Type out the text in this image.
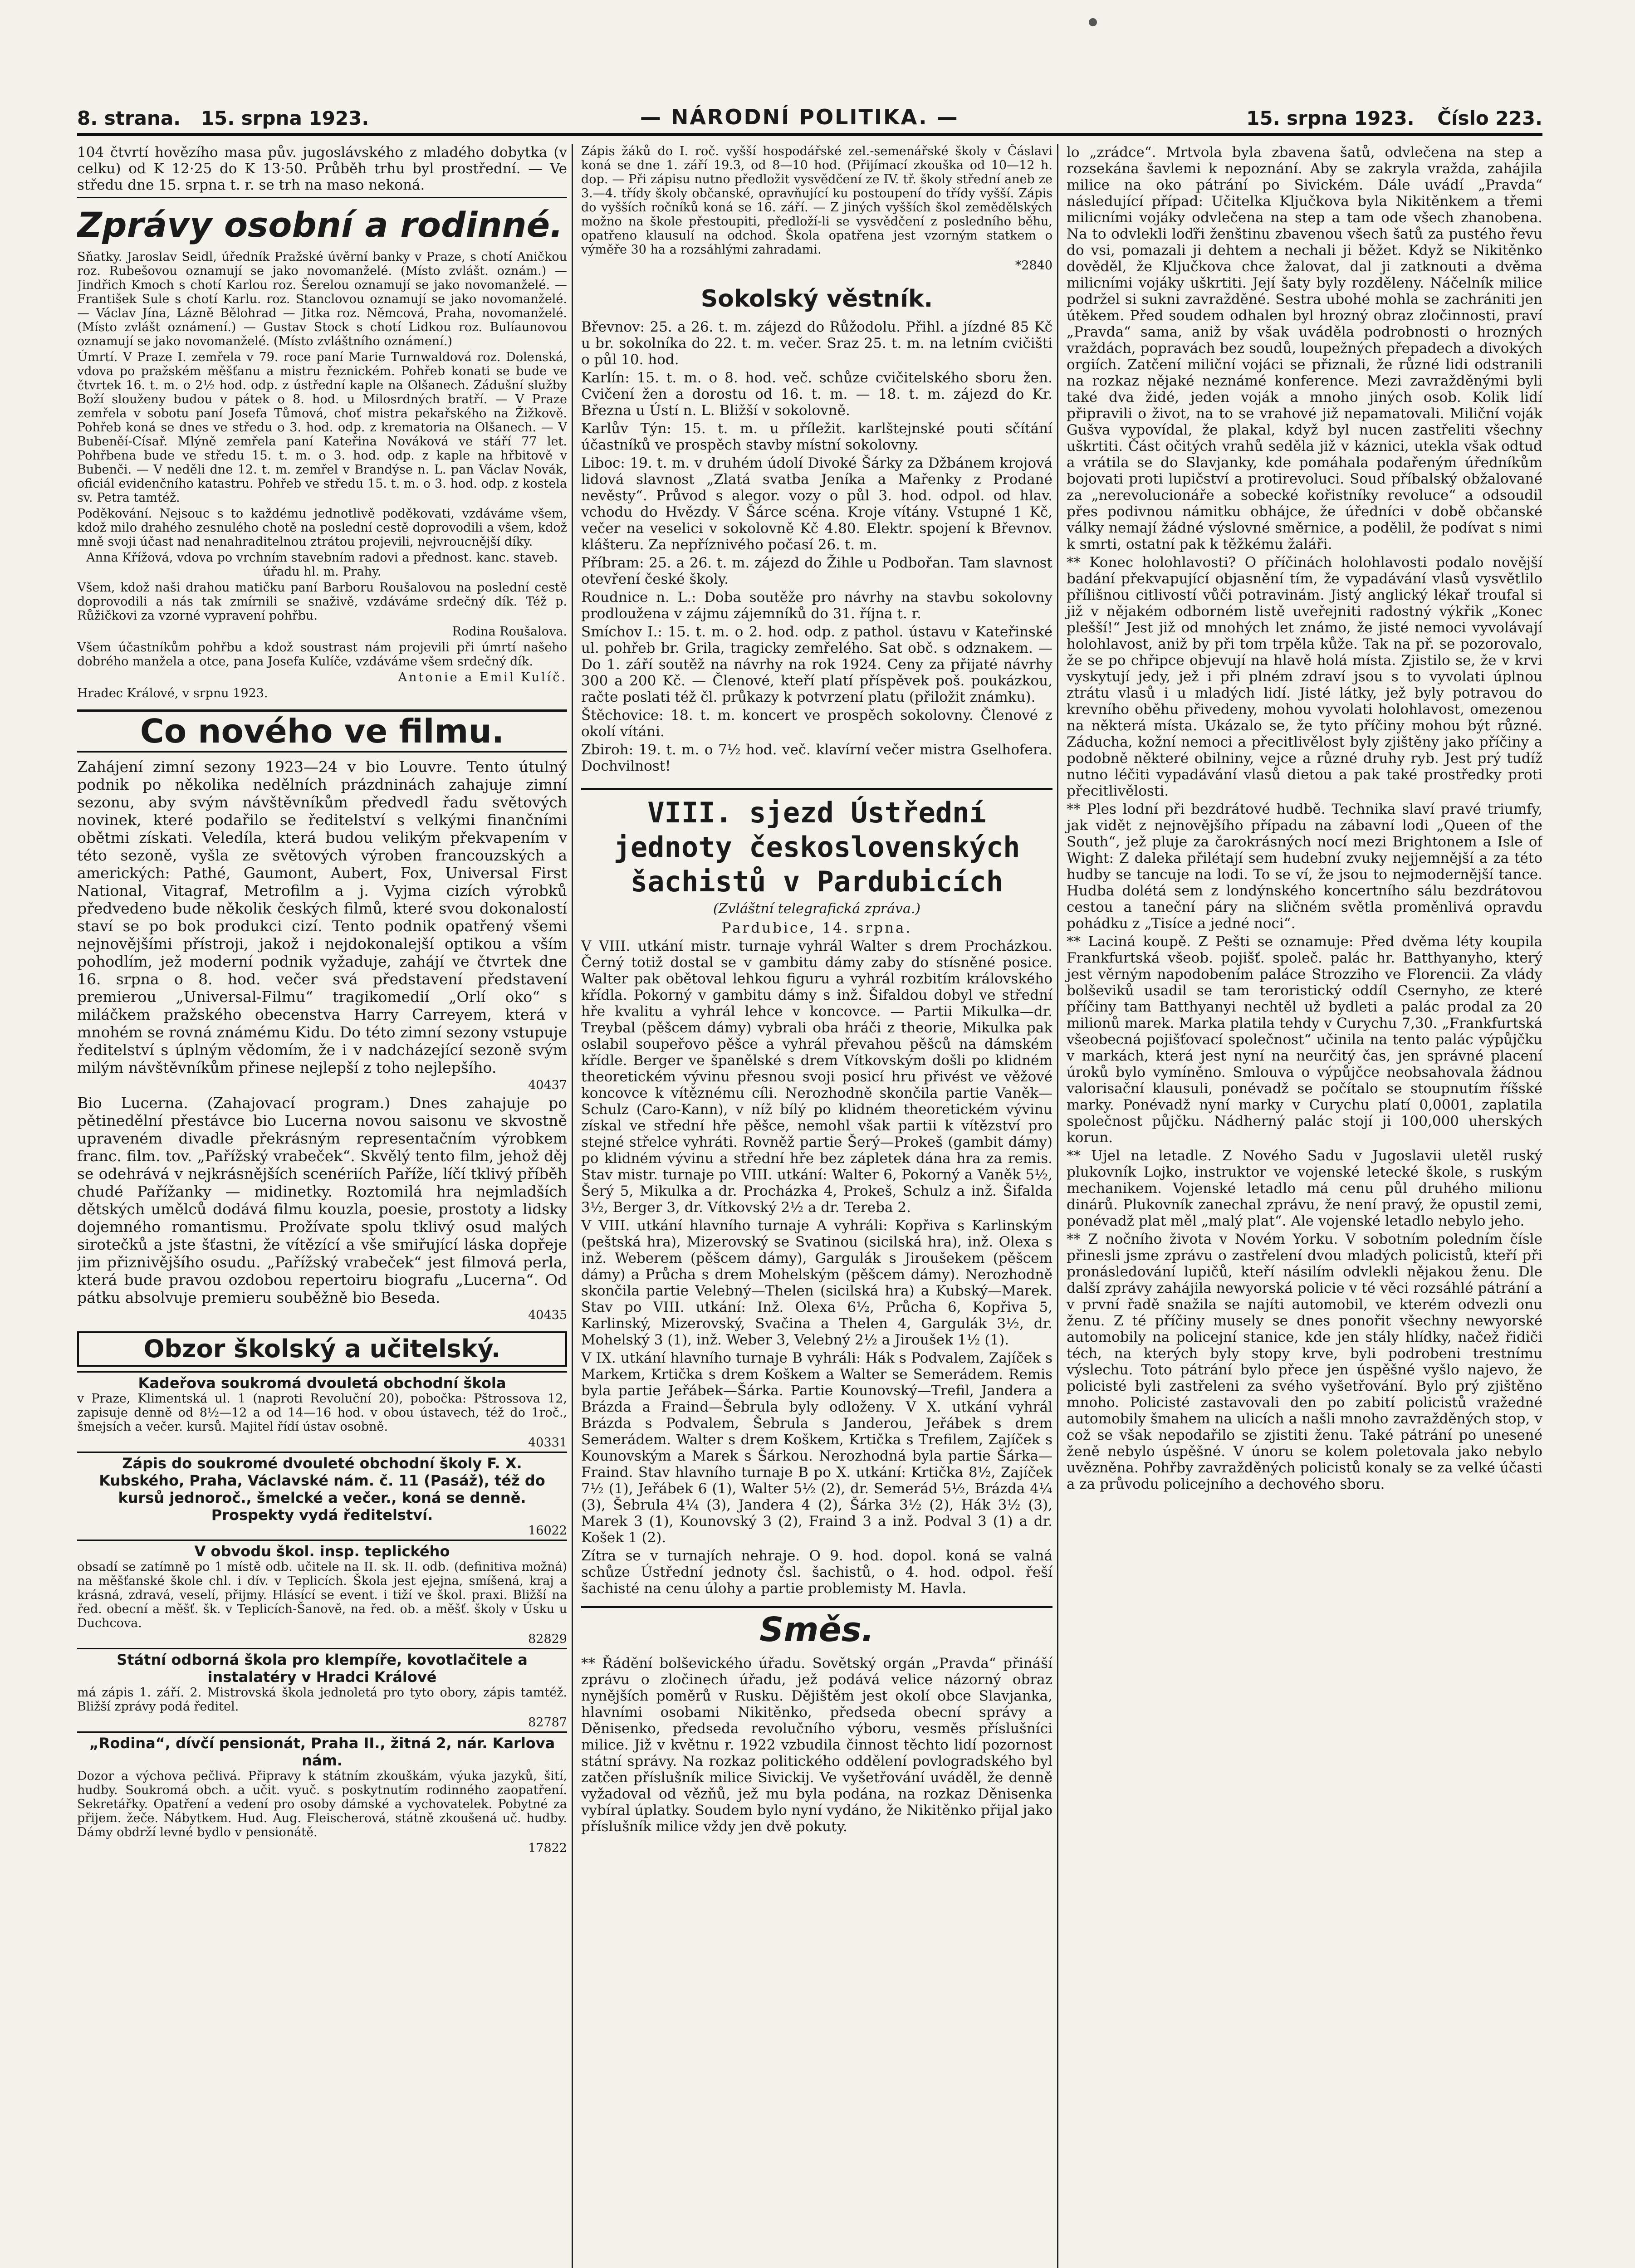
8. strana. 15. srpna 1923.	— NÁRODNÍ POLITIKA. —	15. srpna 1923. Číslo 223.

104 čtvrtí hovězího masa pův. jugoslávského z mladého dobytka (v celku) od K 12·25 do K 13·50. Průběh trhu byl prostřední. — Ve středu dne 15. srpna t. r. se trh na maso nekoná.

Zprávy osobní a rodinné.

Sňatky. Jaroslav Seidl, úředník Pražské úvěrní banky v Praze, s chotí Aničkou roz. Rubešovou oznamují se jako novomanželé. (Místo zvlášt. oznám.) — Jindřich Kmoch s chotí Karlou roz. Šerelou oznamují se jako novomanželé. — František Sule s chotí Karlu. roz. Stanclovou oznamují se jako novomanželé. — Václav Jína, Lázně Bělohrad — Jitka roz. Němcová, Praha, novomanželé. (Místo zvlášt oznámení.) — Gustav Stock s chotí Lidkou roz. Bulíaunovou oznamují se jako novomanželé. (Místo zvláštního oznámení.)

Úmrtí. V Praze I. zemřela v 79. roce paní Marie Turnwaldová roz. Dolenská, vdova po pražském měšťanu a mistru řeznickém. Pohřeb konati se bude ve čtvrtek 16. t. m. o 2½ hod. odp. z ústřední kaple na Olšanech. Zádušní služby Boží slouženy budou v pátek o 8. hod. u Milosrdných bratří. — V Praze zemřela v sobotu paní Josefa Tůmová, choť mistra pekařského na Žižkově. Pohřeb koná se dnes ve středu o 3. hod. odp. z krematoria na Olšanech. — V Bubeněí-Císař. Mlýně zemřela paní Kateřina Nováková ve stáří 77 let. Pohřbena bude ve středu 15. t. m. o 3. hod. odp. z kaple na hřbitově v Bubenči. — V neděli dne 12. t. m. zemřel v Brandýse n. L. pan Václav Novák, oficiál evidenčního katastru. Pohřeb ve středu 15. t. m. o 3. hod. odp. z kostela sv. Petra tamtéž.

Poděkování. Nejsouc s to každému jednotlivě poděkovati, vzdáváme všem, kdož milo drahého zesnulého chotě na poslední cestě doprovodili a všem, kdož mně svoji účast nad nenahraditelnou ztrátou projevili, nejvroucnější díky.

Anna Křížová, vdova po vrchním stavebním radovi a přednost. kanc. staveb. úřadu hl. m. Prahy.

Všem, kdož naši drahou matičku paní Barboru Roušalovou na poslední cestě doprovodili a nás tak zmírnili se snaživě, vzdáváme srdečný dík. Též p. Růžičkovi za vzorné vypravení pohřbu.

Rodina Roušalova.

Všem účastníkům pohřbu a kdož soustrast nám projevili při úmrtí našeho dobrého manžela a otce, pana Josefa Kulíče, vzdáváme všem srdečný dík.

Antonie a Emil Kulíč.

Hradec Králové, v srpnu 1923.

Co nového ve filmu.

Zahájení zimní sezony 1923—24 v bio Louvre. Tento útulný podnik po několika nedělních prázdninách zahajuje zimní sezonu, aby svým návštěvníkům předvedl řadu světových novinek, které podařilo se ředitelství s velkými finančními obětmi získati. Veledíla, která budou velikým překvapením v této sezoně, vyšla ze světových výroben francouzských a amerických: Pathé, Gaumont, Aubert, Fox, Universal First National, Vitagraf, Metrofilm a j. Vyjma cizích výrobků předvedeno bude několik českých filmů, které svou dokonalostí staví se po bok produkci cizí. Tento podnik opatřený všemi nejnovějšími přístroji, jakož i nejdokonalejší optikou a vším pohodlím, jež moderní podnik vyžaduje, zahájí ve čtvrtek dne 16. srpna o 8. hod. večer svá představení představení premierou „Universal-Filmu“ tragikomedií „Orlí oko“ s miláčkem pražského obecenstva Harry Carreyem, která v mnohém se rovná známému Kidu. Do této zimní sezony vstupuje ředitelství s úplným vědomím, že i v nadcházející sezoně svým milým návštěvníkům přinese nejlepší z toho nejlepšího.

40437

Bio Lucerna. (Zahajovací program.) Dnes zahajuje po pětinedělní přestávce bio Lucerna novou saisonu ve skvostně upraveném divadle překrásným representačním výrobkem franc. film. tov. „Pařížský vrabeček“. Skvělý tento film, jehož děj se odehrává v nejkrásnějších scenériích Paříže, líčí tklivý příběh chudé Pařížanky — midinetky. Roztomilá hra nejmladších dětských umělců dodává filmu kouzla, poesie, prostoty a lidsky dojemného romantismu. Prožívate spolu tklivý osud malých sirotečků a jste šťastni, že vítězící a vše smiřující láska dopřeje jim přiznivějšího osudu. „Pařížský vrabeček“ jest filmová perla, která bude pravou ozdobou repertoiru biografu „Lucerna“. Od pátku absolvuje premieru souběžně bio Beseda.

40435

Obzor školský a učitelský.
Kadeřova soukromá dvouletá obchodní škola

v Praze, Klimentská ul. 1 (naproti Revoluční 20), pobočka: Pštrossova 12, zapisuje denně od 8½—12 a od 14—16 hod. v obou ústavech, též do 1roč., šmejsích a večer. kursů. Majitel řídí ústav osobně.

40331

Zápis do soukromé dvouleté obchodní školy F. X. Kubského, Praha, Václavské nám. č. 11 (Pasáž), též do kursů jednoroč., šmelcké a večer., koná se denně. Prospekty vydá ředitelství.

16022

V obvodu škol. insp. teplického

obsadí se zatímně po 1 místě odb. učitele na II. sk. II. odb. (definitiva možná) na měšťanské škole chl. i dív. v Teplicích. Škola jest ejejna, smíšená, kraj a krásná, zdravá, veselí, přijmy. Hlásící se event. i tiží ve škol. praxi. Bližší na řed. obecní a měšť. šk. v Teplicích-Šanově, na řed. ob. a měšť. školy v Úsku u Duchcova.

82829

Státní odborná škola pro klempíře, kovotlačitele a instalatéry v Hradci Králové

má zápis 1. září. 2. Mistrovská škola jednoletá pro tyto obory, zápis tamtéž. Bližší zprávy podá ředitel.

82787

„Rodina“, dívčí pensionát, Praha II., žitná 2, nár. Karlova nám.

Dozor a výchova pečlivá. Připravy k státním zkouškám, výuka jazyků, šití, hudby. Soukromá obch. a učit. vyuč. s poskytnutím rodinného zaopatření. Sekretářky. Opatření a vedení pro osoby dámské a vychovatelek. Pobytné za přijem. žeče. Nábytkem. Hud. Aug. Fleischerová, státně zkoušená uč. hudby. Dámy obdrží levné bydlo v pensionátě.

17822

Zápis žáků do I. roč. vyšší hospodářské zel.-semenářské školy v Čáslavi koná se dne 1. září 19.3, od 8—10 hod. (Přijímací zkouška od 10—12 h. dop. — Při zápisu nutno předložit vysvědčení ze IV. tř. školy střední aneb ze 3.—4. třídy školy občanské, opravňující ku postoupení do třídy vyšší. Zápis do vyšších ročníků koná se 16. září. — Z jiných vyšších škol zemědělských možno na škole přestoupiti, předloží-li se vysvědčení z posledního běhu, opatřeno klausulí na odchod. Škola opatřena jest vzorným statkem o výměře 30 ha a rozsáhlými zahradami.

*2840

Sokolský věstník.

Břevnov: 25. a 26. t. m. zájezd do Růžodolu. Přihl. a jízdné 85 Kč u br. sokolníka do 22. t. m. večer. Sraz 25. t. m. na letním cvičišti o půl 10. hod.

Karlín: 15. t. m. o 8. hod. več. schůze cvičitelského sboru žen. Cvičení žen a dorostu od 16. t. m. — 18. t. m. zájezd do Kr. Března u Ústí n. L. Bližší v sokolovně.

Karlův Týn: 15. t. m. u příležit. karlštejnské pouti sčítání účastníků ve prospěch stavby místní sokolovny.

Liboc: 19. t. m. v druhém údolí Divoké Šárky za Džbánem krojová lidová slavnost „Zlatá svatba Jeníka a Mařenky z Prodané nevěsty“. Průvod s alegor. vozy o půl 3. hod. odpol. od hlav. vchodu do Hvězdy. V Šárce scéna. Kroje vítány. Vstupné 1 Kč, večer na veselici v sokolovně Kč 4.80. Elektr. spojení k Břevnov. klášteru. Za nepříznivého počasí 26. t. m.

Příbram: 25. a 26. t. m. zájezd do Žihle u Podbořan. Tam slavnost otevření české školy.

Roudnice n. L.: Doba soutěže pro návrhy na stavbu sokolovny prodloužena v zájmu zájemníků do 31. října t. r.

Smíchov I.: 15. t. m. o 2. hod. odp. z pathol. ústavu v Kateřinské ul. pohřeb br. Grila, tragicky zemřelého. Sat obč. s odznakem. — Do 1. září soutěž na návrhy na rok 1924. Ceny za přijaté návrhy 300 a 200 Kč. — Členové, kteří platí příspěvek poš. poukázkou, račte poslati též čl. průkazy k potvrzení platu (přiložit známku).

Štěchovice: 18. t. m. koncert ve prospěch sokolovny. Členové z okolí vítáni.

Zbiroh: 19. t. m. o 7½ hod. več. klavírní večer mistra Gselhofera. Dochvilnost!

VIII. sjezd Ústřední jednoty československých šachistů v Pardubicích

(Zvláštní telegrafická zpráva.)

Pardubice, 14. srpna.

V VIII. utkání mistr. turnaje vyhrál Walter s drem Procházkou. Černý totiž dostal se v gambitu dámy zaby do stísněné posice. Walter pak obětoval lehkou figuru a vyhrál rozbitím královského křídla. Pokorný v gambitu dámy s inž. Šifaldou dobyl ve střední hře kvalitu a vyhrál lehce v koncovce. — Partii Mikulka—dr. Treybal (pěšcem dámy) vybrali oba hráči z theorie, Mikulka pak oslabil soupeřovo pěšce a vyhrál převahou pěšců na dámském křídle. Berger ve španělské s drem Vítkovským došli po klidném theoretickém vývinu přesnou svoji posicí hru přivést ve věžové koncovce k vítěznému cíli. Nerozhodně skončila partie Vaněk—Schulz (Caro-Kann), v níž bílý po klidném theoretickém vývinu získal ve střední hře pěšce, nemohl však partii k vítězství pro stejné střelce vyhráti. Rovněž partie Šerý—Prokeš (gambit dámy) po klidném vývinu a střední hře bez zápletek dána hra za remis. Stav mistr. turnaje po VIII. utkání: Walter 6, Pokorný a Vaněk 5½, Šerý 5, Mikulka a dr. Procházka 4, Prokeš, Schulz a inž. Šifalda 3½, Berger 3, dr. Vítkovský 2½ a dr. Tereba 2.

V VIII. utkání hlavního turnaje A vyhráli: Kopřiva s Karlinským (peštská hra), Mizerovský se Svatinou (sicilská hra), inž. Olexa s inž. Weberem (pěšcem dámy), Gargulák s Jiroušekem (pěšcem dámy) a Průcha s drem Mohelským (pěšcem dámy). Nerozhodně skončila partie Velebný—Thelen (sicilská hra) a Kubský—Marek. Stav po VIII. utkání: Inž. Olexa 6½, Průcha 6, Kopřiva 5, Karlinský, Mizerovský, Svačina a Thelen 4, Gargulák 3½, dr. Mohelský 3 (1), inž. Weber 3, Velebný 2½ a Jiroušek 1½ (1).

V IX. utkání hlavního turnaje B vyhráli: Hák s Podvalem, Zajíček s Markem, Krtička s drem Koškem a Walter se Semerádem. Remis byla partie Jeřábek—Šárka. Partie Kounovský—Trefil, Jandera a Brázda a Fraind—Šebrula byly odloženy. V X. utkání vyhrál Brázda s Podvalem, Šebrula s Janderou, Jeřábek s drem Semerádem. Walter s drem Koškem, Krtička s Trefilem, Zajíček s Kounovským a Marek s Šárkou. Nerozhodná byla partie Šárka—Fraind. Stav hlavního turnaje B po X. utkání: Krtička 8½, Zajíček 7½ (1), Jeřábek 6 (1), Walter 5½ (2), dr. Semerád 5½, Brázda 4¼ (3), Šebrula 4¼ (3), Jandera 4 (2), Šárka 3½ (2), Hák 3½ (3), Marek 3 (1), Kounovský 3 (2), Fraind 3 a inž. Podval 3 (1) a dr. Košek 1 (2).

Zítra se v turnajích nehraje. O 9. hod. dopol. koná se valná schůze Ústřední jednoty čsl. šachistů, o 4. hod. odpol. řeší šachisté na cenu úlohy a partie problemisty M. Havla.

Směs.

** Řádění bolševického úřadu. Sovětský orgán „Pravda“ přináší zprávu o zločinech úřadu, jež podává velice názorný obraz nynějších poměrů v Rusku. Dějištěm jest okolí obce Slavjanka, hlavními osobami Nikitěnko, předseda obecní správy a Děnisenko, předseda revolučního výboru, vesměs příslušníci milice. Již v květnu r. 1922 vzbudila činnost těchto lidí pozornost státní správy. Na rozkaz politického oddělení povlogradského byl zatčen příslušník milice Sivickij. Ve vyšetřování uváděl, že denně vyžadoval od vězňů, jež mu byla podána, na rozkaz Děnisenka vybíral úplatky. Soudem bylo nyní vydáno, že Nikitěnko přijal jako příslušník milice vždy jen dvě pokuty.

lo „zrádce“. Mrtvola byla zbavena šatů, odvlečena na step a rozsekána šavlemi k nepoznání. Aby se zakryla vražda, zahájila milice na oko pátrání po Sivickém. Dále uvádí „Pravda“ následující případ: Učitelka Ključkova byla Nikitěnkem a třemi milicními vojáky odvlečena na step a tam ode všech zhanobena. Na to odvlekli loďři ženštinu zbavenou všech šatů za pustého řevu do vsi, pomazali ji dehtem a nechali ji běžet. Když se Nikitěnko dověděl, že Ključkova chce žalovat, dal ji zatknouti a dvěma milicními vojáky uškrtiti. Její šaty byly rozděleny. Náčelník milice podržel si sukni zavražděné. Sestra ubohé mohla se zachrániti jen útěkem. Před soudem odhalen byl hrozný obraz zločinnosti, praví „Pravda“ sama, aniž by však uváděla podrobnosti o hrozných vraždách, popravách bez soudů, loupežných přepadech a divokých orgiích. Zatčení miliční vojáci se přiznali, že různé lidi odstranili na rozkaz nějaké neznámé konference. Mezi zavražděnými byli také dva židé, jeden voják a mnoho jiných osob. Kolik lidí připravili o život, na to se vrahové již nepamatovali. Miliční voják Gušva vypovídal, že plakal, když byl nucen zastřeliti všechny uškrtiti. Část očitých vrahů seděla již v káznici, utekla však odtud a vrátila se do Slavjanky, kde pomáhala podařeným úředníkům bojovati proti lupičství a protirevoluci. Soud příbalský obžalované za „nerevolucionáře a sobecké kořistníky revoluce“ a odsoudil přes podivnou námitku obhájce, že úředníci v době občanské války nemají žádné výslovné směrnice, a podělil, že podívat s nimi k smrti, ostatní pak k těžkému žaláři.

** Konec holohlavosti? O příčinách holohlavosti podalo novější badání překvapující objasnění tím, že vypadávání vlasů vysvětlilo přílišnou citlivostí vůči potravinám. Jistý anglický lékař troufal si již v nějakém odborném listě uveřejniti radostný výkřik „Konec plešší!“ Jest již od mnohých let známo, že jisté nemoci vyvolávají holohlavost, aniž by při tom trpěla kůže. Tak na př. se pozorovalo, že se po chřipce objevují na hlavě holá místa. Zjistilo se, že v krvi vyskytují jedy, jež i při plném zdraví jsou s to vyvolati úplnou ztrátu vlasů i u mladých lidí. Jisté látky, jež byly potravou do krevního oběhu přivedeny, mohou vyvolati holohlavost, omezenou na některá místa. Ukázalo se, že tyto příčiny mohou být různé. Záducha, kožní nemoci a přecitlivělost byly zjištěny jako příčiny a podobně některé obilniny, vejce a různé druhy ryb. Jest prý tudíž nutno léčiti vypadávání vlasů dietou a pak také prostředky proti přecitlivělosti.

** Ples lodní při bezdrátové hudbě. Technika slaví pravé triumfy, jak vidět z nejnovějšího případu na zábavní lodi „Queen of the South“, jež pluje za čarokrásných nocí mezi Brightonem a Isle of Wight: Z daleka přilétají sem hudební zvuky nejjemnější a za této hudby se tancuje na lodi. To se ví, že jsou to nejmodernější tance. Hudba dolétá sem z londýnského koncertního sálu bezdrátovou cestou a taneční páry na sličném světla proměnlivá opravdu pohádku z „Tisíce a jedné noci“.

** Laciná koupě. Z Pešti se oznamuje: Před dvěma léty koupila Frankfurtská všeob. pojišť. společ. palác hr. Batthyanyho, který jest věrným napodobením paláce Strozziho ve Florencii. Za vlády bolševiků usadil se tam teroristický oddíl Csernyho, ze které příčiny tam Batthyanyi nechtěl už bydleti a palác prodal za 20 milionů marek. Marka platila tehdy v Curychu 7,30. „Frankfurtská všeobecná pojišťovací společnost“ učinila na tento palác výpůjčku v markách, která jest nyní na neurčitý čas, jen správné placení úroků bylo vymíněno. Smlouva o výpůjčce neobsahovala žádnou valorisační klausuli, ponévadž se počítalo se stoupnutím říšské marky. Ponévadž nyní marky v Curychu platí 0,0001, zaplatila společnost půjčku. Nádherný palác stojí ji 100,000 uherských korun.

** Ujel na letadle. Z Nového Sadu v Jugoslavii uletěl ruský plukovník Lojko, instruktor ve vojenské letecké škole, s ruským mechanikem. Vojenské letadlo má cenu půl druhého milionu dinárů. Plukovník zanechal zprávu, že není pravý, že opustil zemi, ponévadž plat měl „malý plat“. Ale vojenské letadlo nebylo jeho.

** Z nočního života v Novém Yorku. V sobotním poledním čísle přinesli jsme zprávu o zastřelení dvou mladých policistů, kteří při pronásledování lupičů, kteří násilím odvlekli nějakou ženu. Dle další zprávy zahájila newyorská policie v té věci rozsáhlé pátrání a v první řadě snažila se najíti automobil, ve kterém odvezli onu ženu. Z té příčiny musely se dnes ponořit všechny newyorské automobily na policejní stanice, kde jen stály hlídky, načež řidiči téch, na kterých byly stopy krve, byli podrobeni trestnímu výslechu. Toto pátrání bylo přece jen úspěšné vyšlo najevo, že policisté byli zastřeleni za svého vyšetřování. Bylo prý zjištěno mnoho. Policisté zastavovali den po zabití policistů vražedné automobily šmahem na ulicích a našli mnoho zavražděných stop, v což se však nepodařilo se zjistiti ženu. Také pátrání po unesené ženě nebylo úspěšné. V únoru se kolem poletovala jako nebylo uvězněna. Pohřby zavražděných policistů konaly se za velké účasti a za průvodu policejního a dechového sboru.
